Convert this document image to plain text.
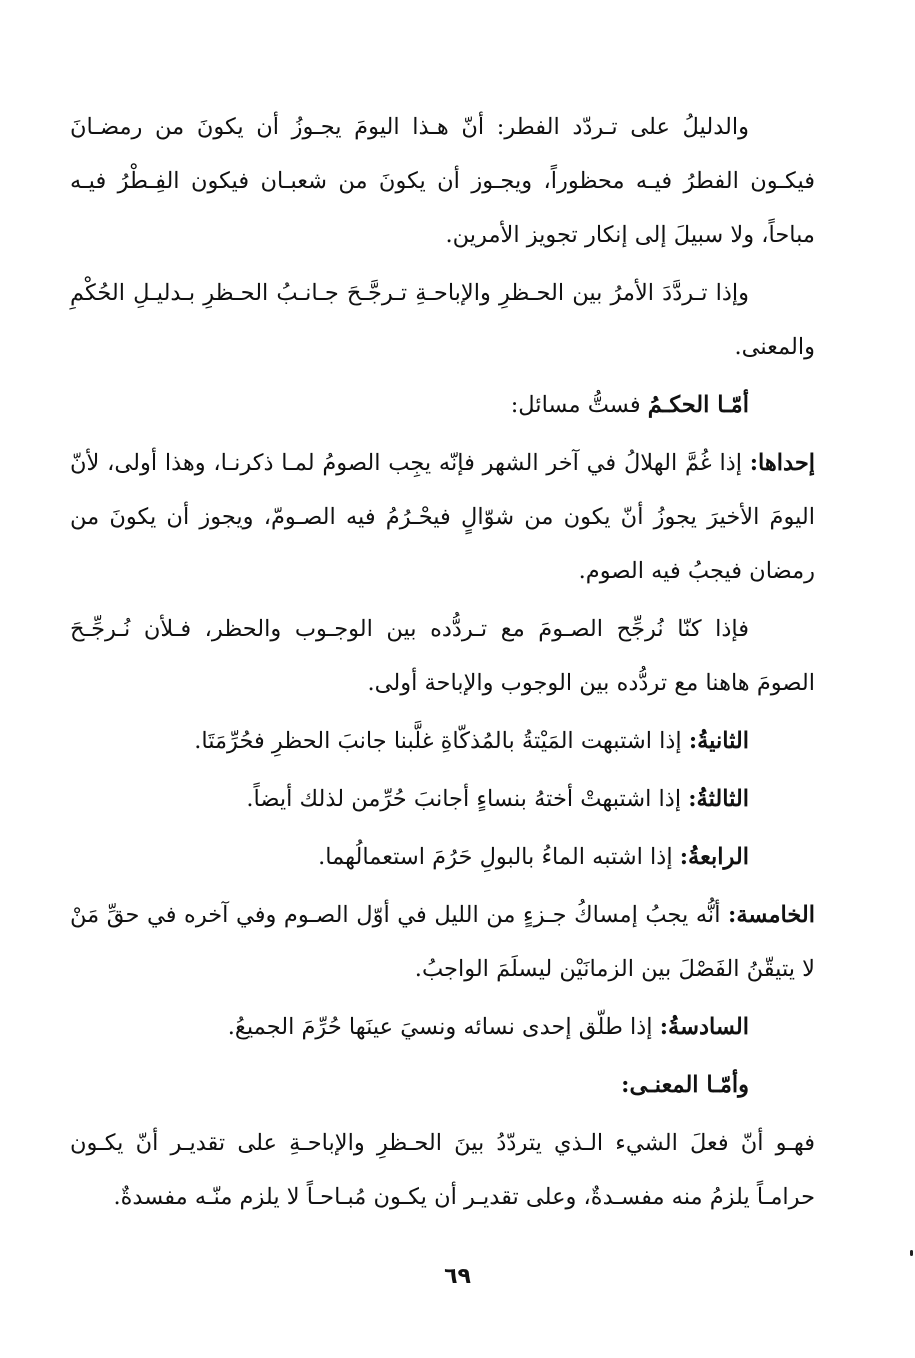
والدليلُ على تـردّد الفطر: أنّ هـذا اليومَ يجـوزُ أن يكونَ من رمضـانَ فيكـون الفطرُ فيـه محظوراً، ويجـوز أن يكونَ من شعبـان فيكون الفِـطْرُ فيـه مباحاً، ولا سبيلَ إلى إنكار تجويز الأمرين.

وإذا تـردَّدَ الأمرُ بين الحـظرِ والإباحـةِ تـرجَّـحَ جـانـبُ الحـظرِ بـدليـلِ الحُكْمِ والمعنى.

أمّـا الحكـمُ فستُّ مسائل:

إحداها: إذا غُمَّ الهلالُ في آخر الشهر فإنّه يجِب الصومُ لمـا ذكرنـا، وهذا أولى، لأنّ اليومَ الأخيرَ يجوزُ أنّ يكون من شوّالٍ فيحْـرُمُ فيه الصـومّ، ويجوز أن يكونَ من رمضان فيجبُ فيه الصوم.

فإذا كنّا نُرجِّح الصـومَ مع تـردُّده بين الوجـوب والحظر، فـلأن نُـرجِّـحَ الصومَ هاهنا مع تردُّده بين الوجوب والإباحة أولى.

الثانيةُ: إذا اشتبهت المَيْتةُ بالمُذكّاةِ غلَّبنا جانبَ الحظرِ فحُرِّمَتَا.

الثالثةُ: إذا اشتبهتْ أختهُ بنساءٍ أجانبَ حُرِّمن لذلك أيضاً.

الرابعةُ: إذا اشتبه الماءُ بالبولِ حَرُمَ استعمالُهما.

الخامسة: أنُّه يجبُ إمساكُ جـزءٍ من الليل في أوّل الصـوم وفي آخره في حقِّ مَنْ لا يتيقّنُ الفَصْلَ بين الزمانَيْن ليسلَمَ الواجبُ.

السادسةُ: إذا طلّق إحدى نسائه ونسيَ عينَها حُرِّمَ الجميعُ.

وأمّـا المعنـى:

فهـو أنّ فعلَ الشيء الـذي يتردّدُ بينَ الحـظرِ والإباحـةِ على تقديـر أنّ يكـون حرامـاً يلزمُ منه مفسـدةٌ، وعلى تقديـر أن يكـون مُبـاحـاً لا يلزم منّـه مفسدةٌ.

٦٩
